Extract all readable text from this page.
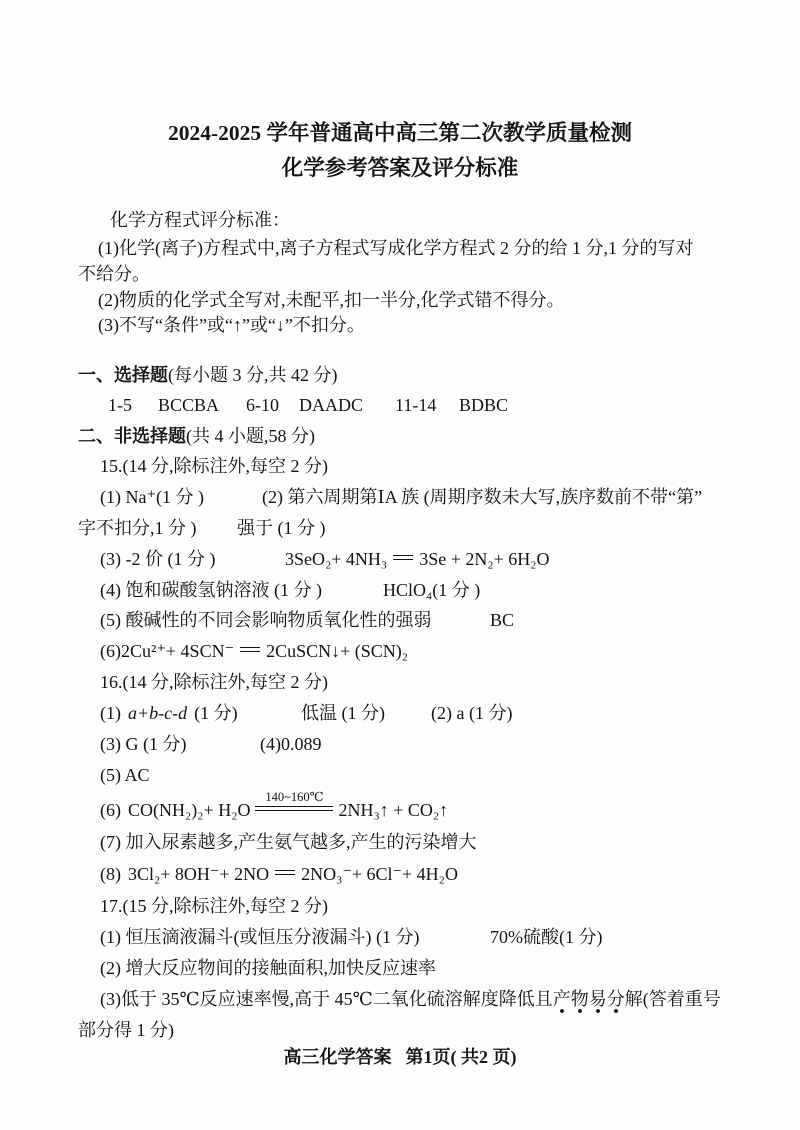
2024-2025 学年普通高中高三第二次教学质量检测
化学参考答案及评分标准
化学方程式评分标准：
(1)化学(离子)方程式中,离子方程式写成化学方程式 2 分的给 1 分,1 分的写对
不给分。
(2)物质的化学式全写对,未配平,扣一半分,化学式错不得分。
(3)不写“条件”或“↑”或“↓”不扣分。
一、选择题(每小题 3 分,共 42 分)
1-5 BCCBA 6-10 DAADC 11-14 BDBC
二、非选择题(共 4 小题,58 分)
15.(14 分,除标注外,每空 2 分)
(1) Na⁺(1 分 )	(2) 第六周期第ⅠA 族 (周期序数未大写,族序数前不带“第”
字不扣分,1 分 ) 强于 (1 分 )
(3) -2 价 (1 分 )	3SeO₂+ 4NH₃ 3Se + 2N₂+ 6H₂O
(4) 饱和碳酸氢钠溶液 (1 分 )	HClO₄(1 分 )
(5) 酸碱性的不同会影响物质氧化性的强弱	BC
(6)2Cu²⁺+ 4SCN⁻ 2CuSCN↓+ (SCN)₂
16.(14 分,除标注外,每空 2 分)
(1) a+b-c-d (1 分)	低温 (1 分)	(2) a (1 分)
(3) G (1 分)	(4)0.089
(5) AC
(6) CO(NH₂)₂+ H₂O
140~160℃
2NH₃↑ + CO₂↑
(7) 加入尿素越多,产生氨气越多,产生的污染增大
(8) 3Cl₂+ 8OH⁻+ 2NO 2NO₃⁻+ 6Cl⁻+ 4H₂O
17.(15 分,除标注外,每空 2 分)
(1) 恒压滴液漏斗(或恒压分液漏斗) (1 分)	70%硫酸(1 分)
(2) 增大反应物间的接触面积,加快反应速率
(3)低于 35℃反应速率慢,高于 45℃二氧化硫溶解度降低且产物易分解(答着重号
部分得 1 分)
高三化学答案 第1页( 共2 页)
